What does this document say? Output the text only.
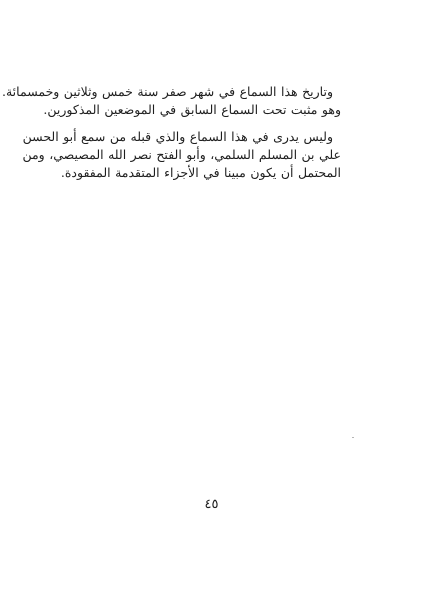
وتاريخ هذا السماع في شهر صفر سنة خمس وثلاثين وخمسمائة.
وهو مثبت تحت السماع السابق في الموضعين المذكورين.

وليس يدرى في هذا السماع والذي قبله من سمع أبو الحسن
علي بن المسلم السلمي، وأبو الفتح نصر الله المصيصي، ومن
المحتمل أن يكون مبينا في الأجزاء المتقدمة المفقودة.

٤٥
